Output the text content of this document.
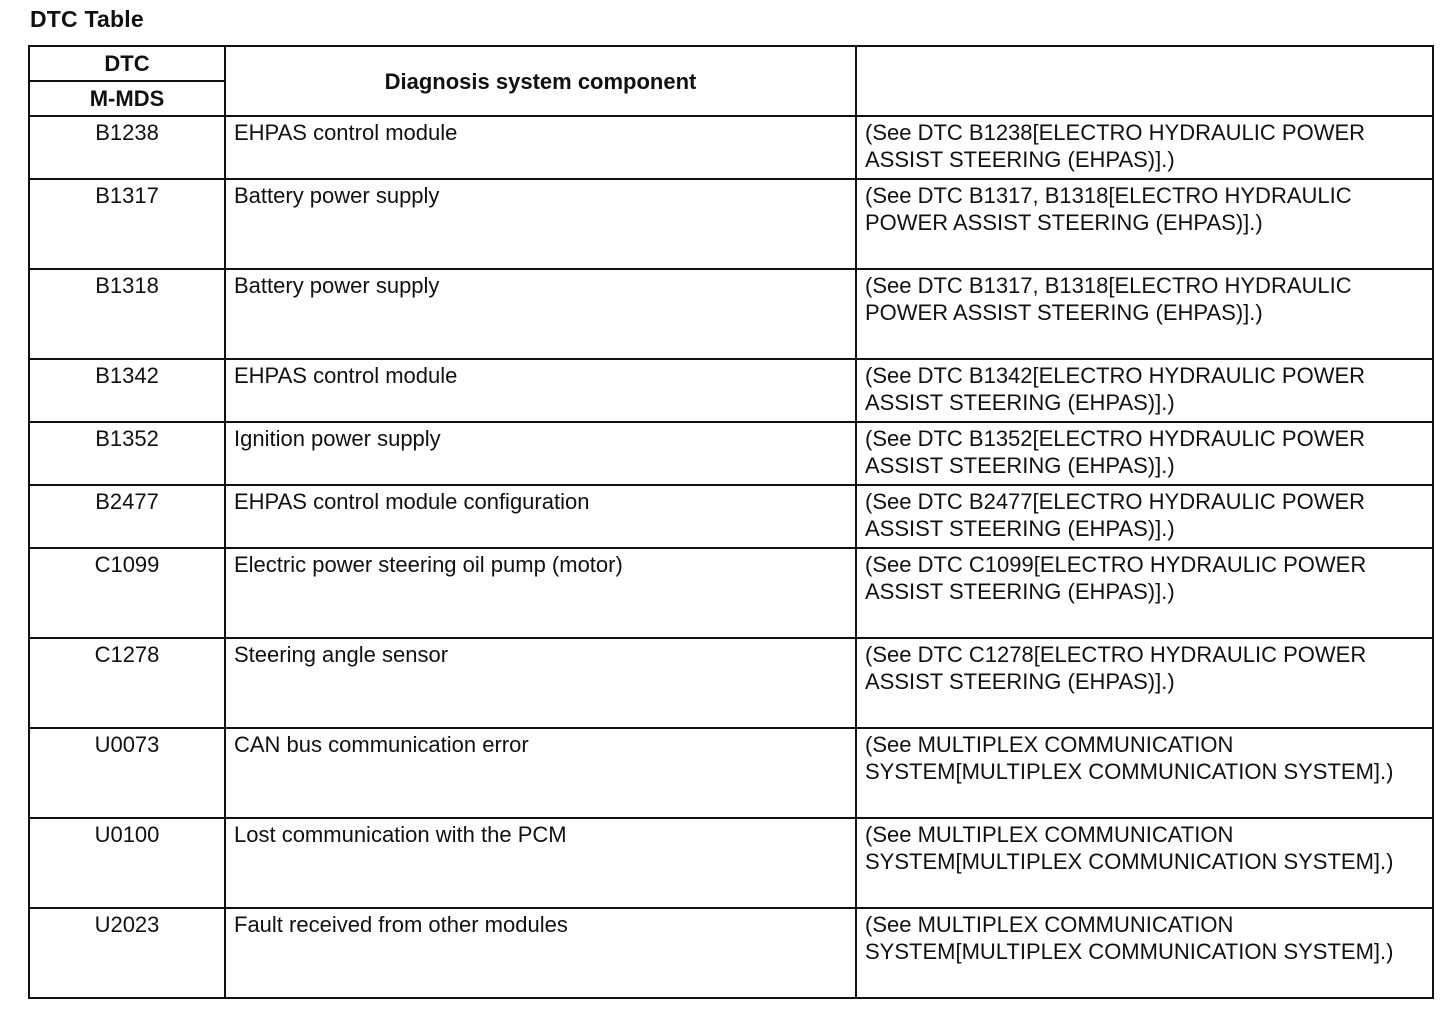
DTC Table
DTC	Diagnosis system component	
M-MDS		
B1238	EHPAS control module	(See DTC B1238[ELECTRO HYDRAULIC POWER ASSIST STEERING (EHPAS)].)
B1317	Battery power supply	(See DTC B1317, B1318[ELECTRO HYDRAULIC POWER ASSIST STEERING (EHPAS)].)
B1318	Battery power supply	(See DTC B1317, B1318[ELECTRO HYDRAULIC POWER ASSIST STEERING (EHPAS)].)
B1342	EHPAS control module	(See DTC B1342[ELECTRO HYDRAULIC POWER ASSIST STEERING (EHPAS)].)
B1352	Ignition power supply	(See DTC B1352[ELECTRO HYDRAULIC POWER ASSIST STEERING (EHPAS)].)
B2477	EHPAS control module configuration	(See DTC B2477[ELECTRO HYDRAULIC POWER ASSIST STEERING (EHPAS)].)
C1099	Electric power steering oil pump (motor)	(See DTC C1099[ELECTRO HYDRAULIC POWER ASSIST STEERING (EHPAS)].)
C1278	Steering angle sensor	(See DTC C1278[ELECTRO HYDRAULIC POWER ASSIST STEERING (EHPAS)].)
U0073	CAN bus communication error	(See MULTIPLEX COMMUNICATION SYSTEM[MULTIPLEX COMMUNICATION SYSTEM].)
U0100	Lost communication with the PCM	(See MULTIPLEX COMMUNICATION SYSTEM[MULTIPLEX COMMUNICATION SYSTEM].)
U2023	Fault received from other modules	(See MULTIPLEX COMMUNICATION SYSTEM[MULTIPLEX COMMUNICATION SYSTEM].)
